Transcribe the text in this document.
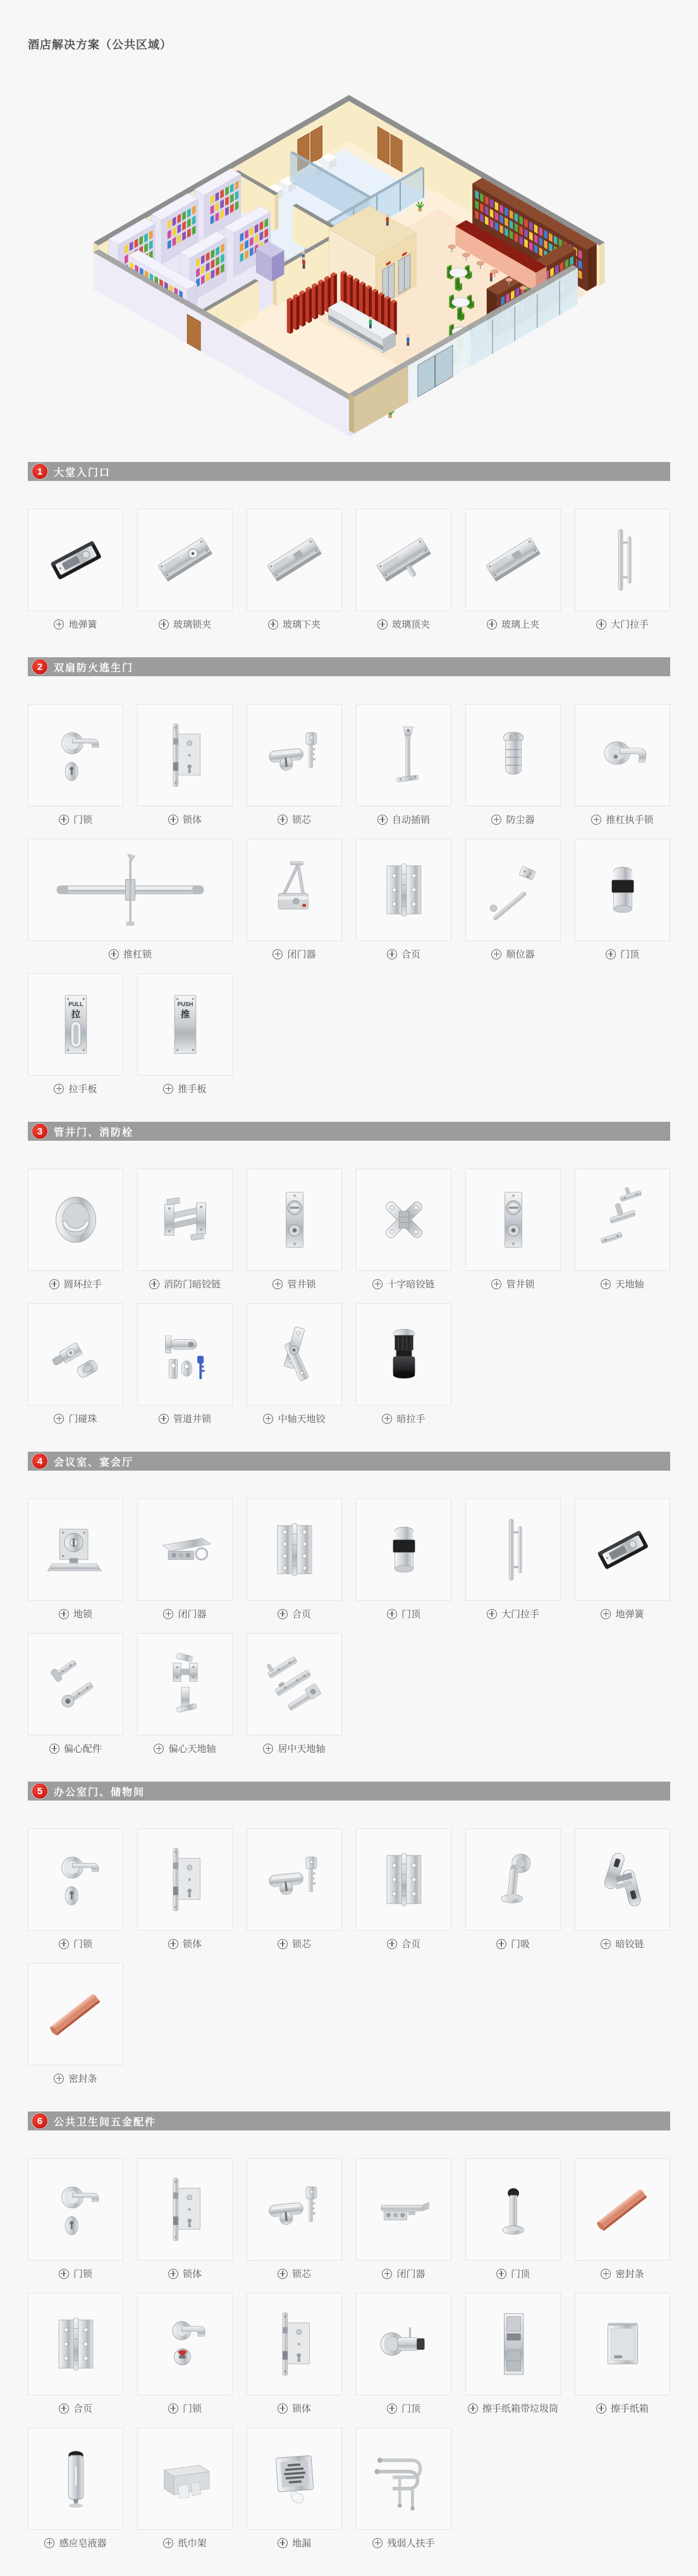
酒店解决方案（公共区域）
1	大堂入门口
地弹簧	玻璃锁夹	玻璃下夹	玻璃顶夹	玻璃上夹	大门拉手
2	双扇防火逃生门
门锁	锁体	锁芯	自动插销	防尘器	推杠执手锁
推杠锁	闭门器	合页	顺位器	门顶
PULL
拉
拉手板
PUSH
推
推手板
3	管井门、消防栓
圆环拉手	消防门暗铰链	管井锁	十字暗铰链	管井锁	天地轴
门碰珠	管道井锁	中轴天地铰	暗拉手
4	会议室、宴会厅
地锁	闭门器	合页	门顶	大门拉手	地弹簧
偏心配件	偏心天地轴	居中天地轴
5	办公室门、储物间
门锁	锁体	锁芯	合页	门吸	暗铰链
密封条
6	公共卫生间五金配件
门锁	锁体	锁芯	闭门器	门顶	密封条
合页	门锁	锁体	门顶	擦手纸箱带垃圾筒	擦手纸箱
感应皂液器	纸巾架	地漏	残弱人扶手
